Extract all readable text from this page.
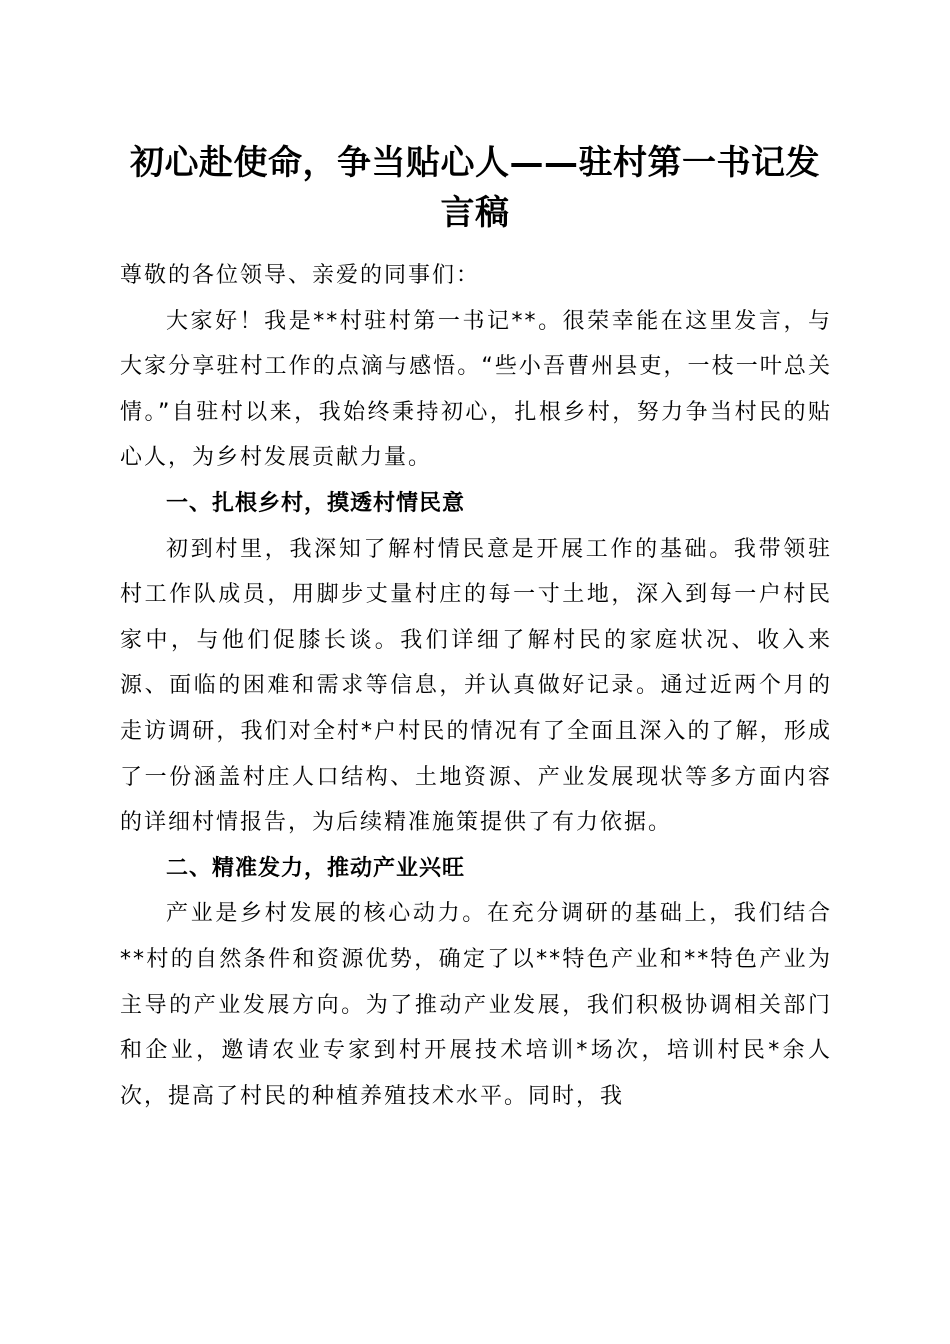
初心赴使命，争当贴心人——驻村第一书记发
言稿

尊敬的各位领导、亲爱的同事们：

大家好！我是**村驻村第一书记**。很荣幸能在这里发言，与大家分享驻村工作的点滴与感悟。“些小吾曹州县吏，一枝一叶总关情。”自驻村以来，我始终秉持初心，扎根乡村，努力争当村民的贴心人，为乡村发展贡献力量。

一、扎根乡村，摸透村情民意

初到村里，我深知了解村情民意是开展工作的基础。我带领驻村工作队成员，用脚步丈量村庄的每一寸土地，深入到每一户村民家中，与他们促膝长谈。我们详细了解村民的家庭状况、收入来源、面临的困难和需求等信息，并认真做好记录。通过近两个月的走访调研，我们对全村*户村民的情况有了全面且深入的了解，形成了一份涵盖村庄人口结构、土地资源、产业发展现状等多方面内容的详细村情报告，为后续精准施策提供了有力依据。

二、精准发力，推动产业兴旺

产业是乡村发展的核心动力。在充分调研的基础上，我们结合**村的自然条件和资源优势，确定了以**特色产业和**特色产业为主导的产业发展方向。为了推动产业发展，我们积极协调相关部门和企业，邀请农业专家到村开展技术培训*场次，培训村民*余人次，提高了村民的种植养殖技术水平。同时，我
